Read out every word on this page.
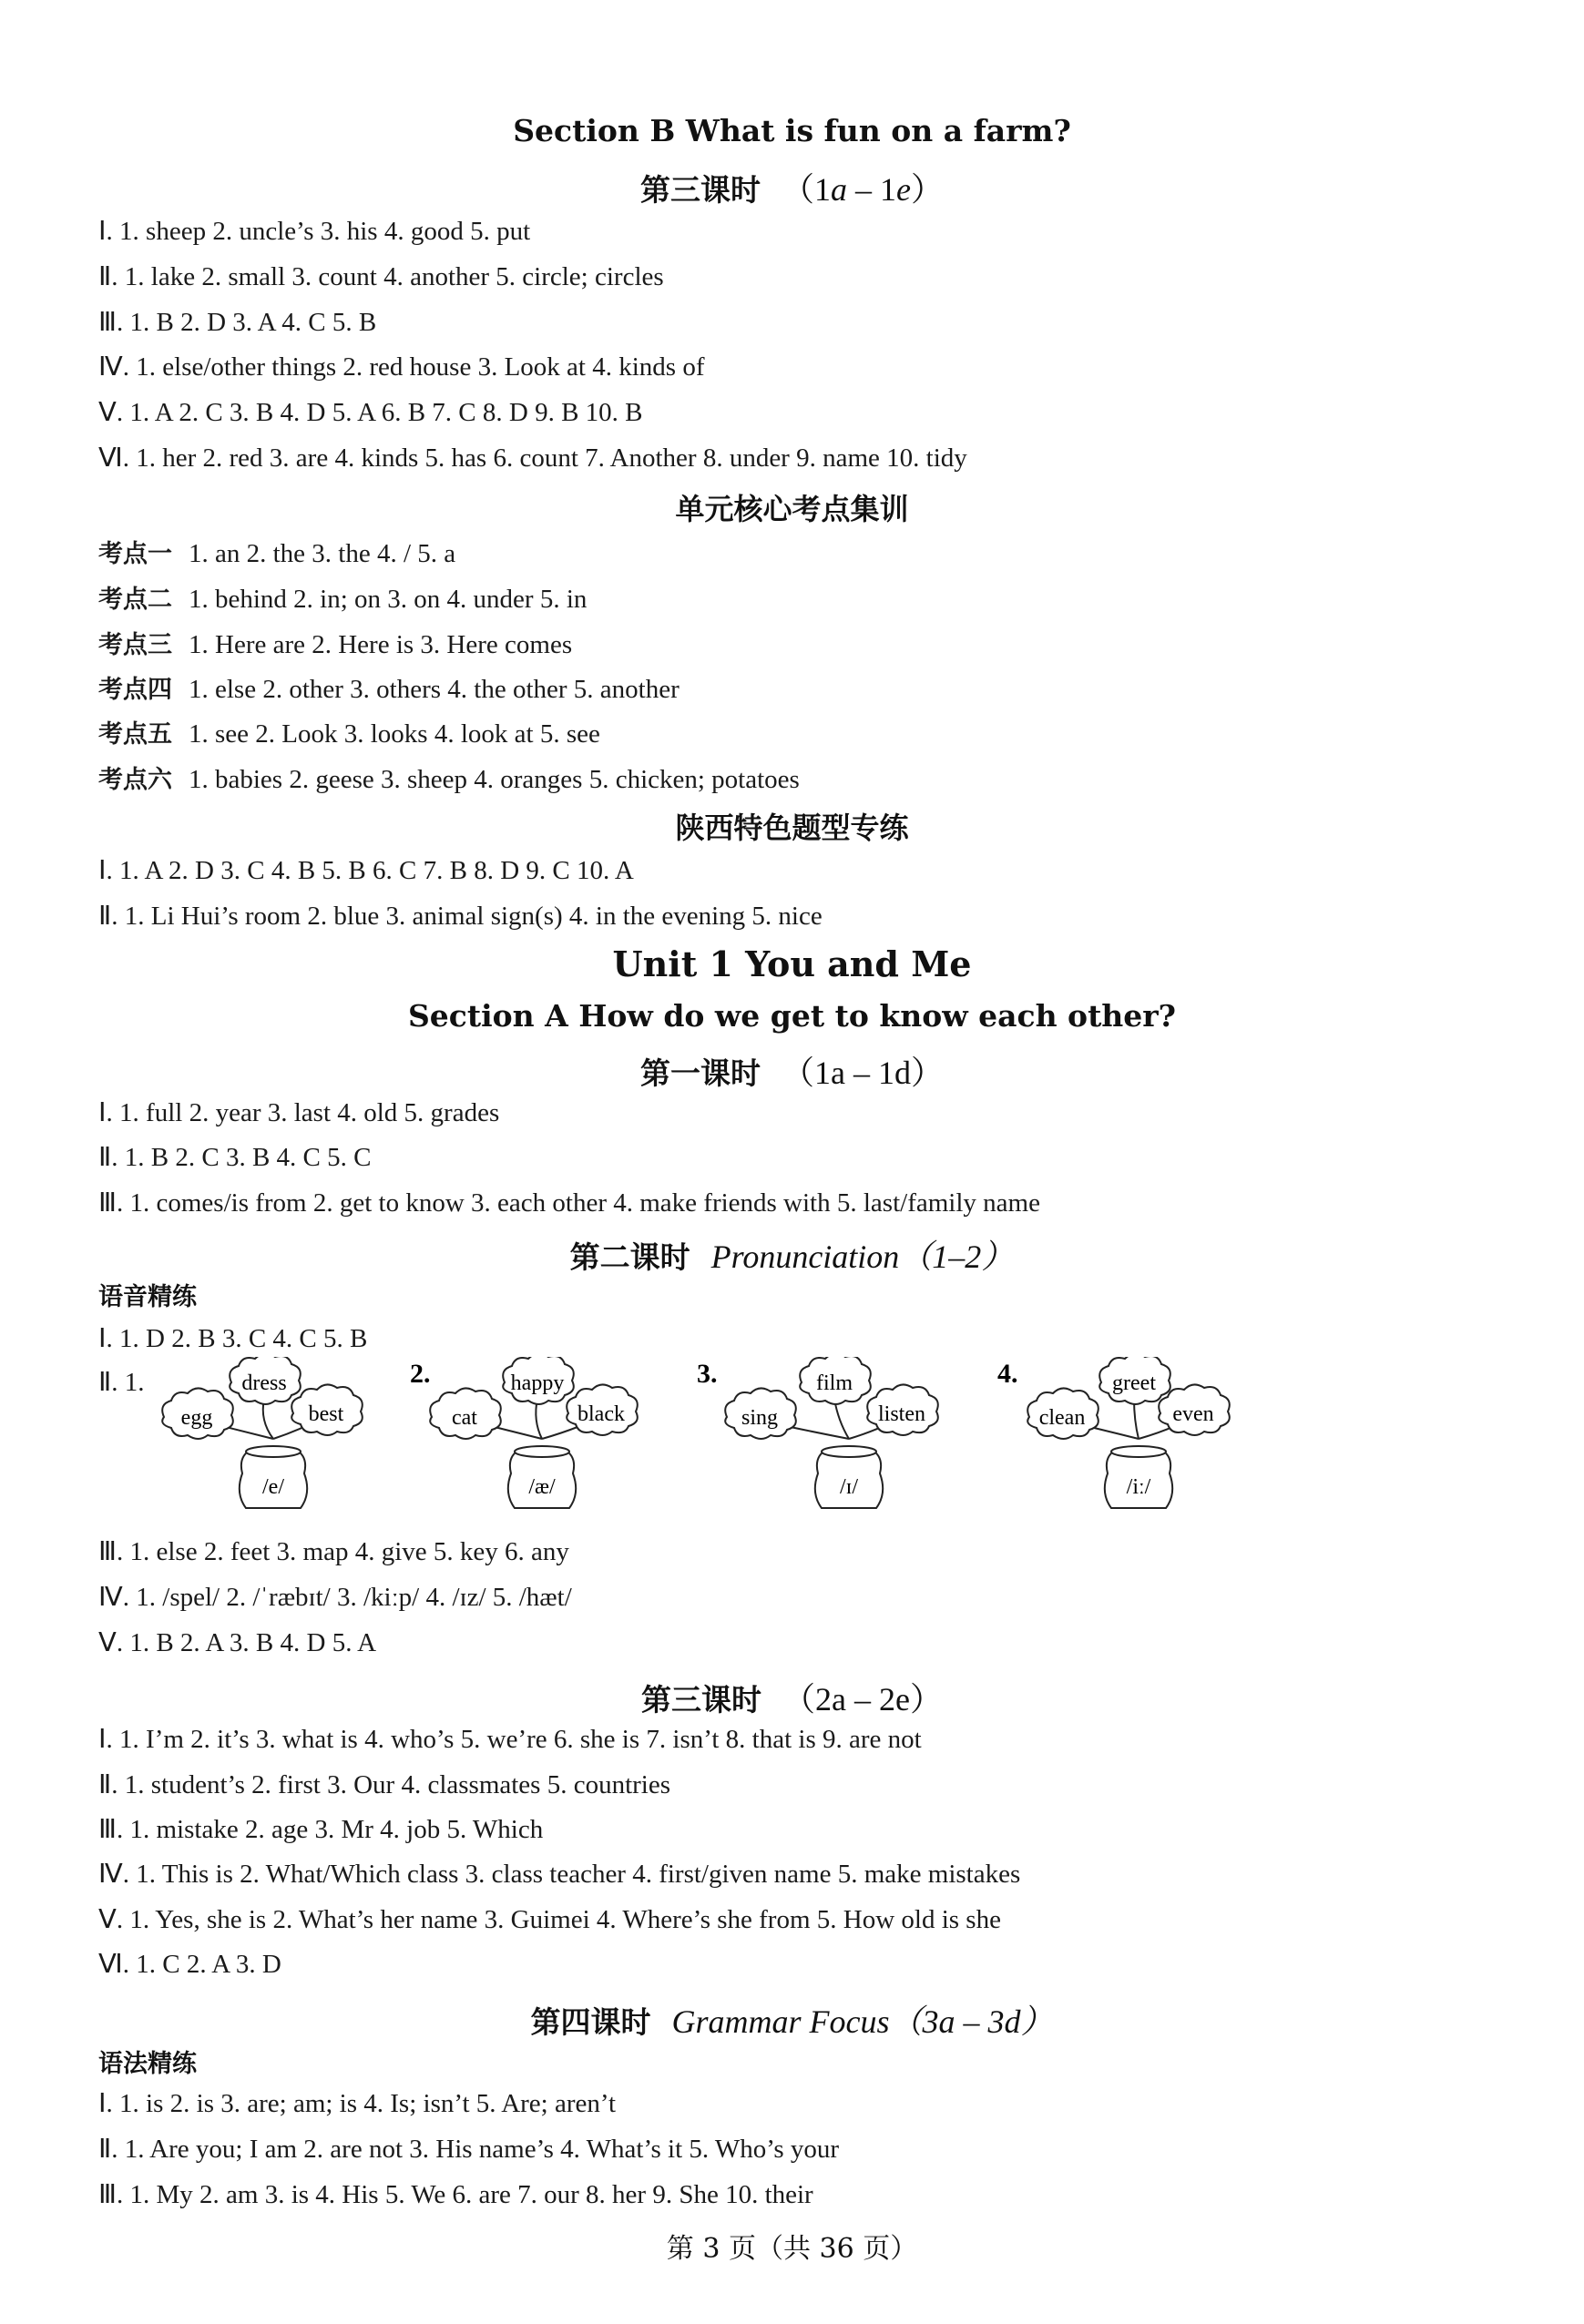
Section B What is fun on a farm?
第三课时 （1a – 1e）
Ⅰ. 1. sheep 2. uncle’s 3. his 4. good 5. put
Ⅱ. 1. lake 2. small 3. count 4. another 5. circle; circles
Ⅲ. 1. B 2. D 3. A 4. C 5. B
Ⅳ. 1. else/other things 2. red house 3. Look at 4. kinds of
Ⅴ. 1. A 2. C 3. B 4. D 5. A 6. B 7. C 8. D 9. B 10. B
Ⅵ. 1. her 2. red 3. are 4. kinds 5. has 6. count 7. Another 8. under 9. name 10. tidy
单元核心考点集训
考点一 1. an 2. the 3. the 4. / 5. a
考点二 1. behind 2. in; on 3. on 4. under 5. in
考点三 1. Here are 2. Here is 3. Here comes
考点四 1. else 2. other 3. others 4. the other 5. another
考点五 1. see 2. Look 3. looks 4. look at 5. see
考点六 1. babies 2. geese 3. sheep 4. oranges 5. chicken; potatoes
陕西特色题型专练
Ⅰ. 1. A 2. D 3. C 4. B 5. B 6. C 7. B 8. D 9. C 10. A
Ⅱ. 1. Li Hui’s room 2. blue 3. animal sign(s) 4. in the evening 5. nice
Unit 1 You and Me
Section A How do we get to know each other?
第一课时 （1a – 1d）
Ⅰ. 1. full 2. year 3. last 4. old 5. grades
Ⅱ. 1. B 2. C 3. B 4. C 5. C
Ⅲ. 1. comes/is from 2. get to know 3. each other 4. make friends with 5. last/family name
第二课时 Pronunciation（1–2）
语音精练
Ⅰ. 1. D 2. B 3. C 4. C 5. B
Ⅱ. 1.	dress
egg	best
/e/
2.	happy
cat	black
/æ/
3.	film
sing	listen
/ɪ/
4.	greet
clean	even
/iː/
Ⅲ. 1. else 2. feet 3. map 4. give 5. key 6. any
Ⅳ. 1. /spel/ 2. /ˈræbɪt/ 3. /kiːp/ 4. /ɪz/ 5. /hæt/
Ⅴ. 1. B 2. A 3. B 4. D 5. A
第三课时 （2a – 2e）
Ⅰ. 1. I’m 2. it’s 3. what is 4. who’s 5. we’re 6. she is 7. isn’t 8. that is 9. are not
Ⅱ. 1. student’s 2. first 3. Our 4. classmates 5. countries
Ⅲ. 1. mistake 2. age 3. Mr 4. job 5. Which
Ⅳ. 1. This is 2. What/Which class 3. class teacher 4. first/given name 5. make mistakes
Ⅴ. 1. Yes, she is 2. What’s her name 3. Guimei 4. Where’s she from 5. How old is she
Ⅵ. 1. C 2. A 3. D
第四课时 Grammar Focus（3a – 3d）
语法精练
Ⅰ. 1. is 2. is 3. are; am; is 4. Is; isn’t 5. Are; aren’t
Ⅱ. 1. Are you; I am 2. are not 3. His name’s 4. What’s it 5. Who’s your
Ⅲ. 1. My 2. am 3. is 4. His 5. We 6. are 7. our 8. her 9. She 10. their
第 3 页（共 36 页）
